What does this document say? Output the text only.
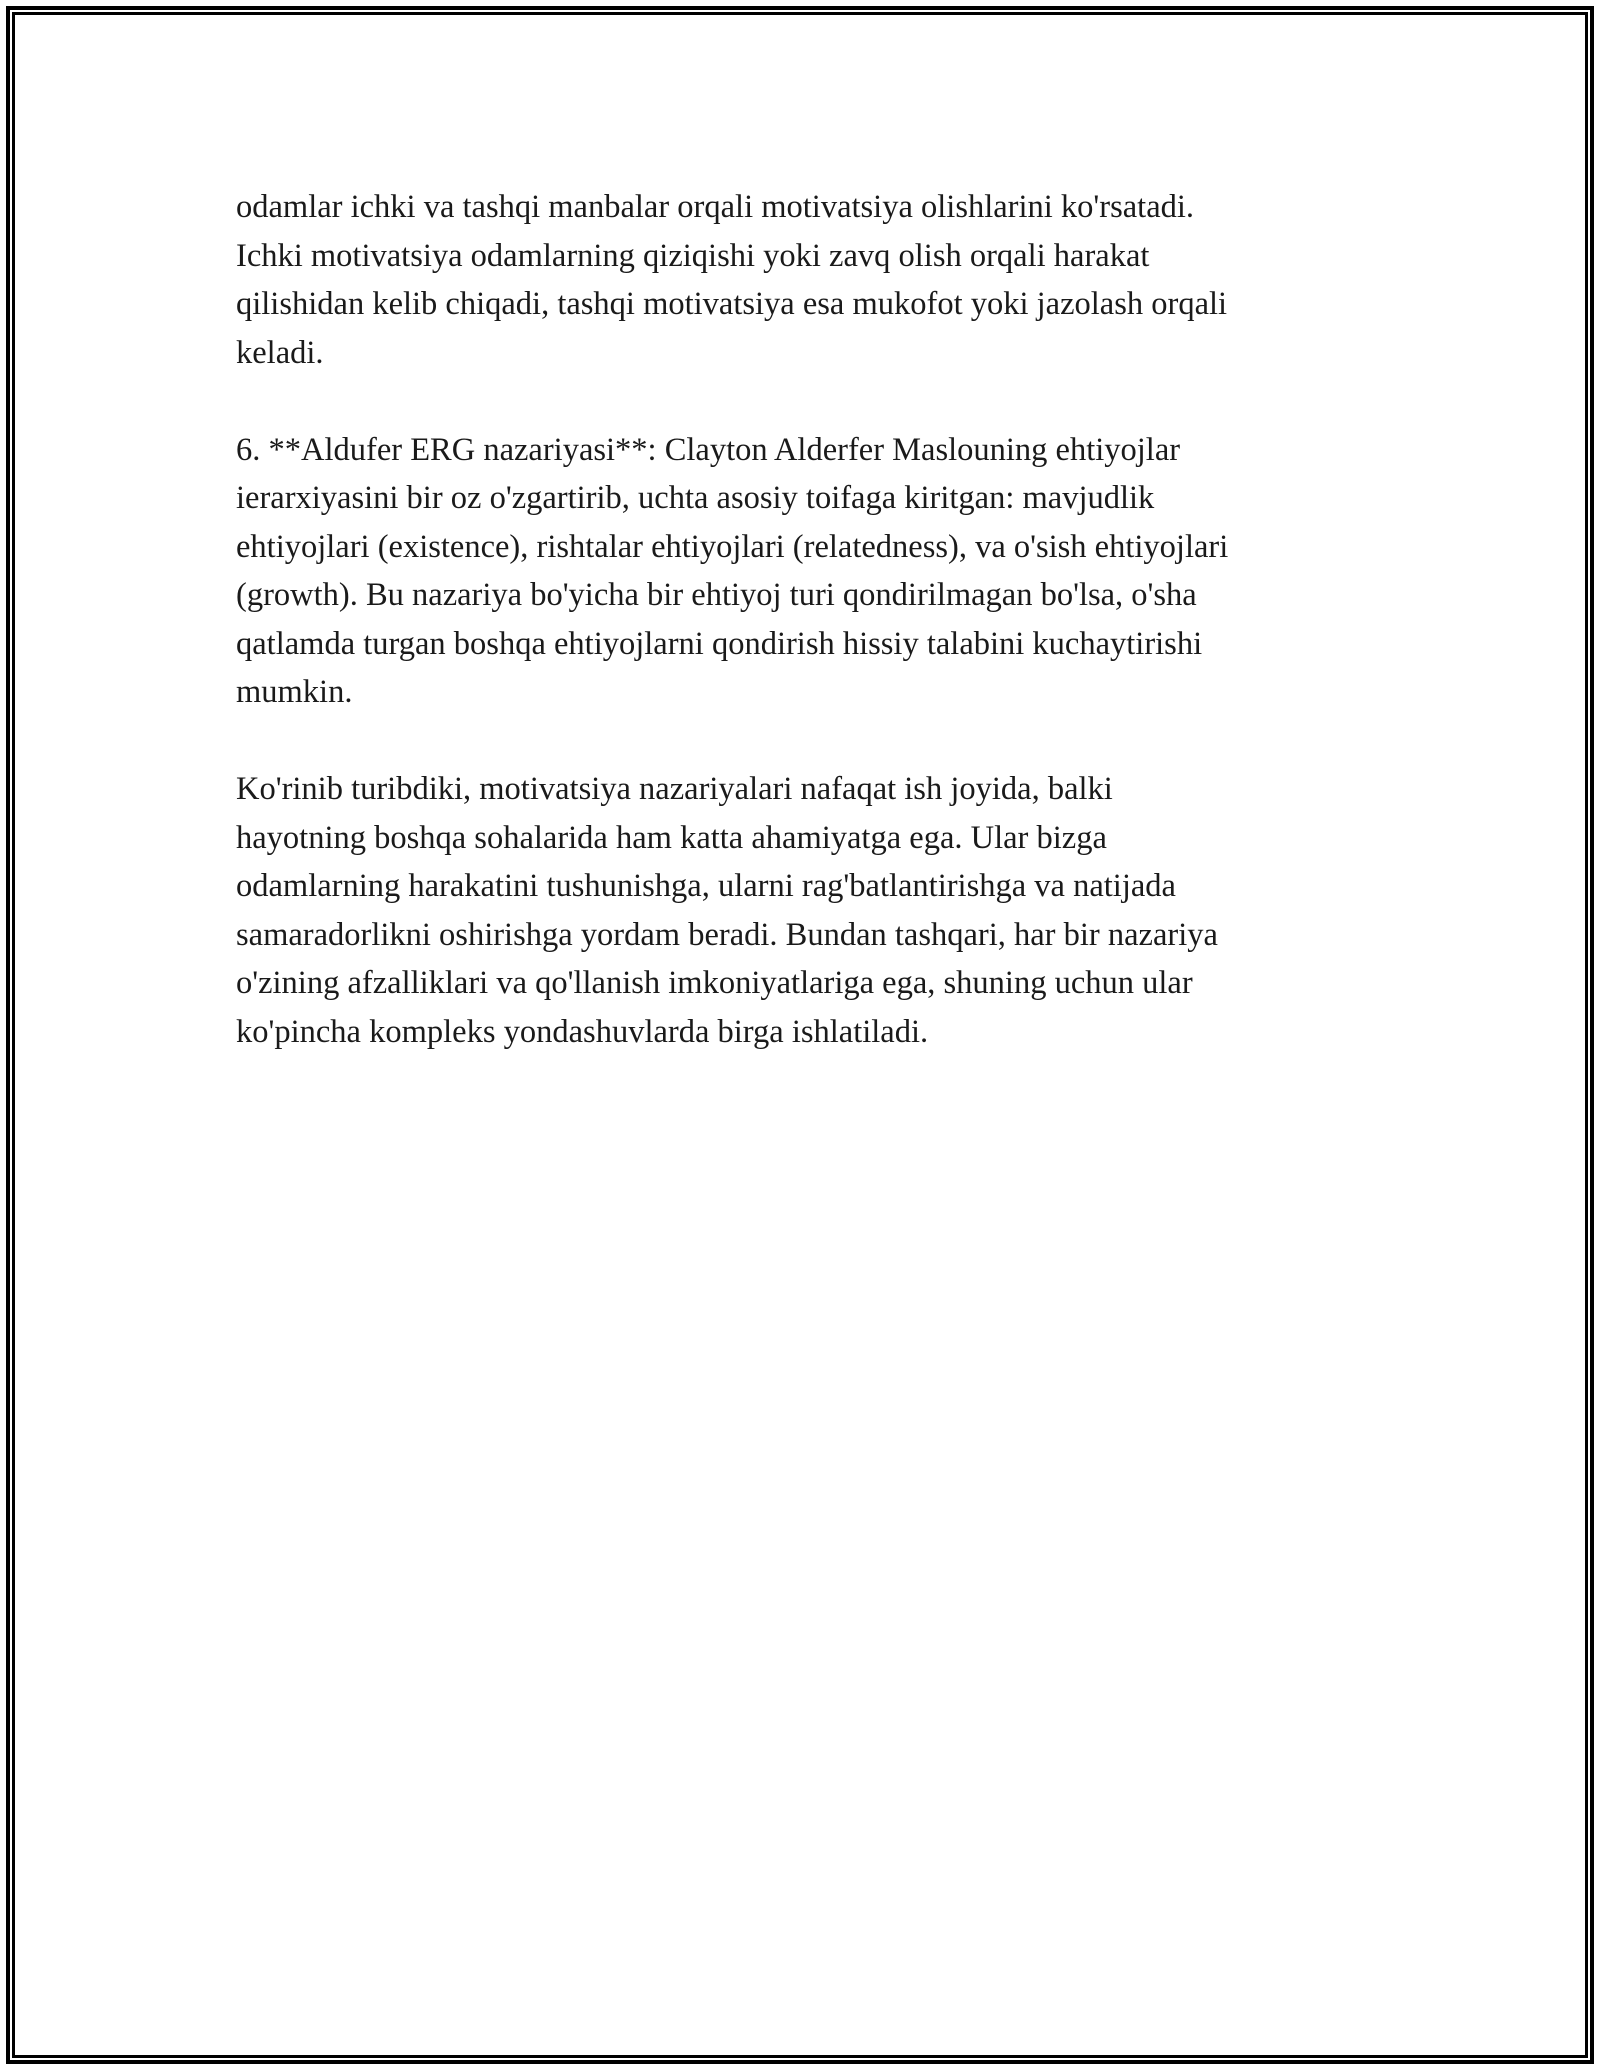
odamlar ichki va tashqi manbalar orqali motivatsiya olishlarini ko'rsatadi.
Ichki motivatsiya odamlarning qiziqishi yoki zavq olish orqali harakat
qilishidan kelib chiqadi, tashqi motivatsiya esa mukofot yoki jazolash orqali
keladi.

6. **Aldufer ERG nazariyasi**: Clayton Alderfer Maslouning ehtiyojlar
ierarxiyasini bir oz o'zgartirib, uchta asosiy toifaga kiritgan: mavjudlik
ehtiyojlari (existence), rishtalar ehtiyojlari (relatedness), va o'sish ehtiyojlari
(growth). Bu nazariya bo'yicha bir ehtiyoj turi qondirilmagan bo'lsa, o'sha
qatlamda turgan boshqa ehtiyojlarni qondirish hissiy talabini kuchaytirishi
mumkin.

Ko'rinib turibdiki, motivatsiya nazariyalari nafaqat ish joyida, balki
hayotning boshqa sohalarida ham katta ahamiyatga ega. Ular bizga
odamlarning harakatini tushunishga, ularni rag'batlantirishga va natijada
samaradorlikni oshirishga yordam beradi. Bundan tashqari, har bir nazariya
o'zining afzalliklari va qo'llanish imkoniyatlariga ega, shuning uchun ular
ko'pincha kompleks yondashuvlarda birga ishlatiladi.
